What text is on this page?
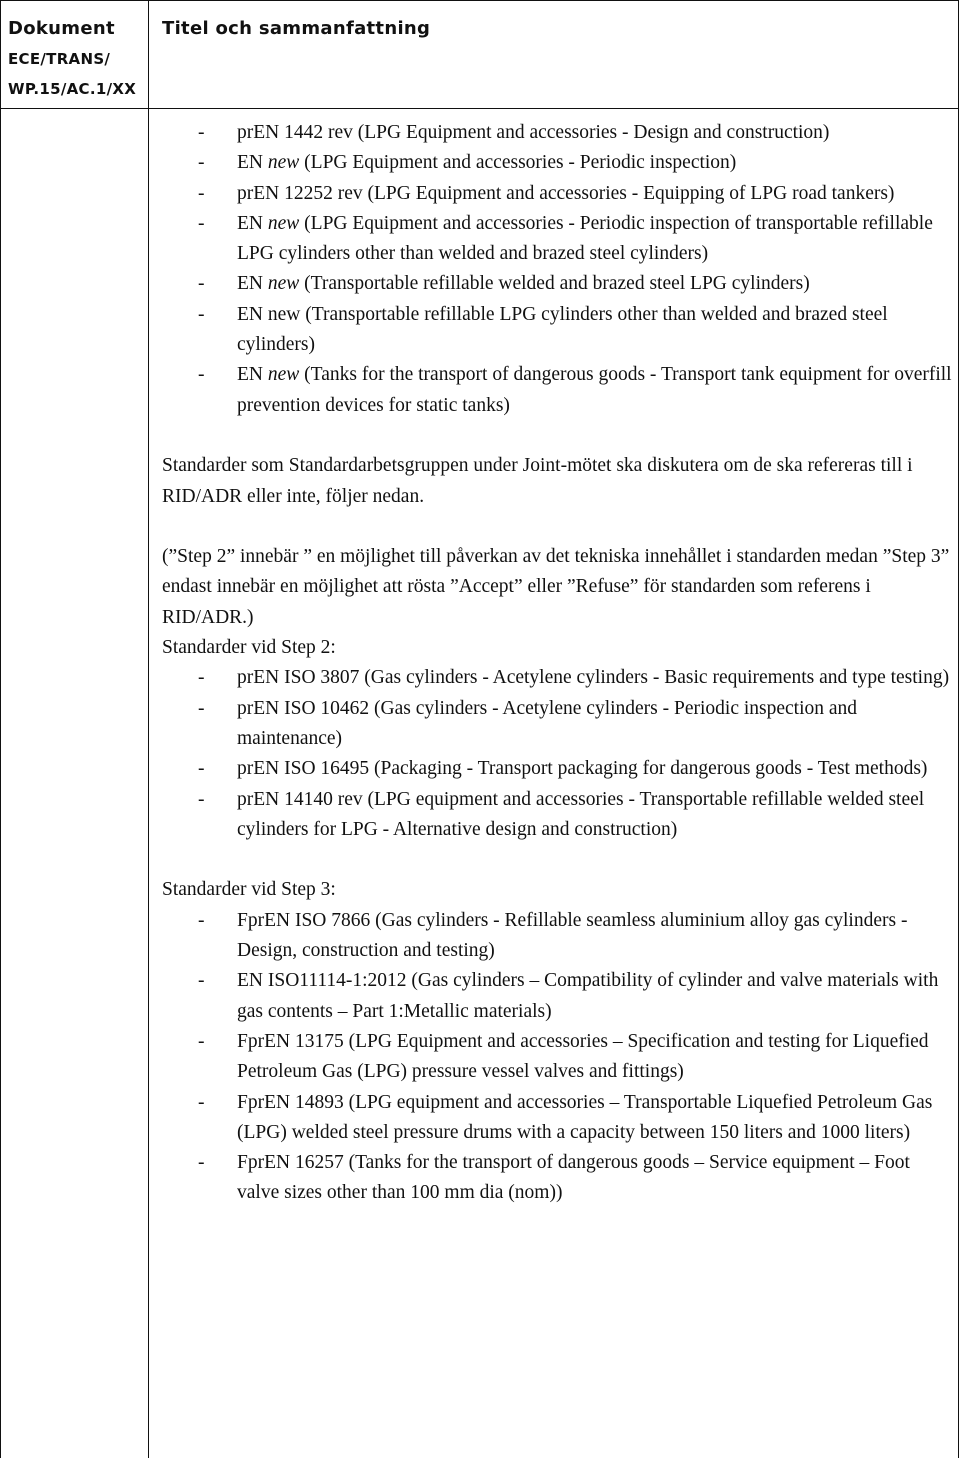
Dokument
ECE/TRANS/
WP.15/AC.1/XX
Titel och sammanfattning
- prEN 1442 rev (LPG Equipment and accessories - Design and construction)
- EN new (LPG Equipment and accessories - Periodic inspection)
- prEN 12252 rev (LPG Equipment and accessories - Equipping of LPG road tankers)
- EN new (LPG Equipment and accessories - Periodic inspection of transportable refillable LPG cylinders other than welded and brazed steel cylinders)
- EN new (Transportable refillable welded and brazed steel LPG cylinders)
- EN new (Transportable refillable LPG cylinders other than welded and brazed steel cylinders)
- EN new (Tanks for the transport of dangerous goods - Transport tank equipment for overfill prevention devices for static tanks)

Standarder som Standardarbetsgruppen under Joint-mötet ska diskutera om de ska refereras till i RID/ADR eller inte, följer nedan.

(”Step 2” innebär ” en möjlighet till påverkan av det tekniska innehållet i standarden medan ”Step 3” endast innebär en möjlighet att rösta ”Accept” eller ”Refuse” för standarden som referens i RID/ADR.)

Standarder vid Step 2:

- prEN ISO 3807 (Gas cylinders - Acetylene cylinders - Basic requirements and type testing)
- prEN ISO 10462 (Gas cylinders - Acetylene cylinders - Periodic inspection and maintenance)
- prEN ISO 16495 (Packaging - Transport packaging for dangerous goods - Test methods)
- prEN 14140 rev (LPG equipment and accessories - Transportable refillable welded steel cylinders for LPG - Alternative design and construction)

Standarder vid Step 3:

- FprEN ISO 7866 (Gas cylinders - Refillable seamless aluminium alloy gas cylinders - Design, construction and testing)
- EN ISO11114-1:2012 (Gas cylinders – Compatibility of cylinder and valve materials with gas contents – Part 1:Metallic materials)
- FprEN 13175 (LPG Equipment and accessories – Specification and testing for Liquefied Petroleum Gas (LPG) pressure vessel valves and fittings)
- FprEN 14893 (LPG equipment and accessories – Transportable Liquefied Petroleum Gas (LPG) welded steel pressure drums with a capacity between 150 liters and 1000 liters)
- FprEN 16257 (Tanks for the transport of dangerous goods – Service equipment – Foot valve sizes other than 100 mm dia (nom))
